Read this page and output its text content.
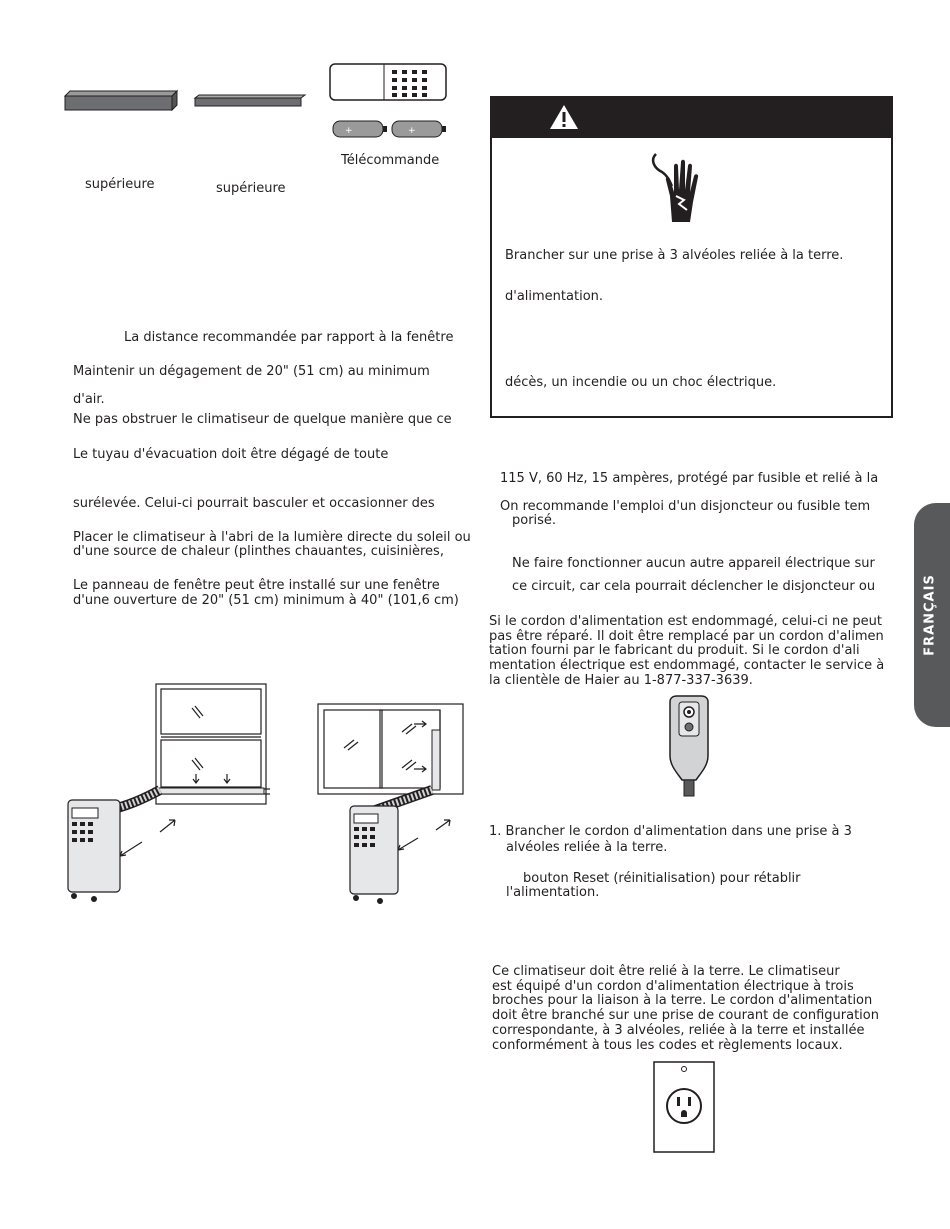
+	+
Télécommande
supérieure	supérieure
La distance recommandée par rapport à la fenêtre
Maintenir un dégagement de 20" (51 cm) au minimum
d'air.
Ne pas obstruer le climatiseur de quelque manière que ce
Le tuyau d'évacuation doit être dégagé de toute
surélevée. Celui-ci pourrait basculer et occasionner des
Placer le climatiseur à l'abri de la lumière directe du soleil ou
d'une source de chaleur (plinthes chauantes, cuisinières,
Le panneau de fenêtre peut être installé sur une fenêtre
d'une ouverture de 20" (51 cm) minimum à 40" (101,6 cm)
Brancher sur une prise à 3 alvéoles reliée à la terre.
d'alimentation.
décès, un incendie ou un choc électrique.
115 V, 60 Hz, 15 ampères, protégé par fusible et relié à la
On recommande l'emploi d'un disjoncteur ou fusible tem
porisé.
Ne faire fonctionner aucun autre appareil électrique sur
ce circuit, car cela pourrait déclencher le disjoncteur ou
Si le cordon d'alimentation est endommagé, celui-ci ne peut
pas être réparé. Il doit être remplacé par un cordon d'alimen
tation fourni par le fabricant du produit. Si le cordon d'ali
mentation électrique est endommagé, contacter le service à
la clientèle de Haier au 1-877-337-3639.
1. Brancher le cordon d'alimentation dans une prise à 3
alvéoles reliée à la terre.
bouton Reset (réinitialisation) pour rétablir
l'alimentation.
Ce climatiseur doit être relié à la terre. Le climatiseur
est équipé d'un cordon d'alimentation électrique à trois
broches pour la liaison à la terre. Le cordon d'alimentation
doit être branché sur une prise de courant de configuration
correspondante, à 3 alvéoles, reliée à la terre et installée
conformément à tous les codes et règlements locaux.
FRANÇAIS
